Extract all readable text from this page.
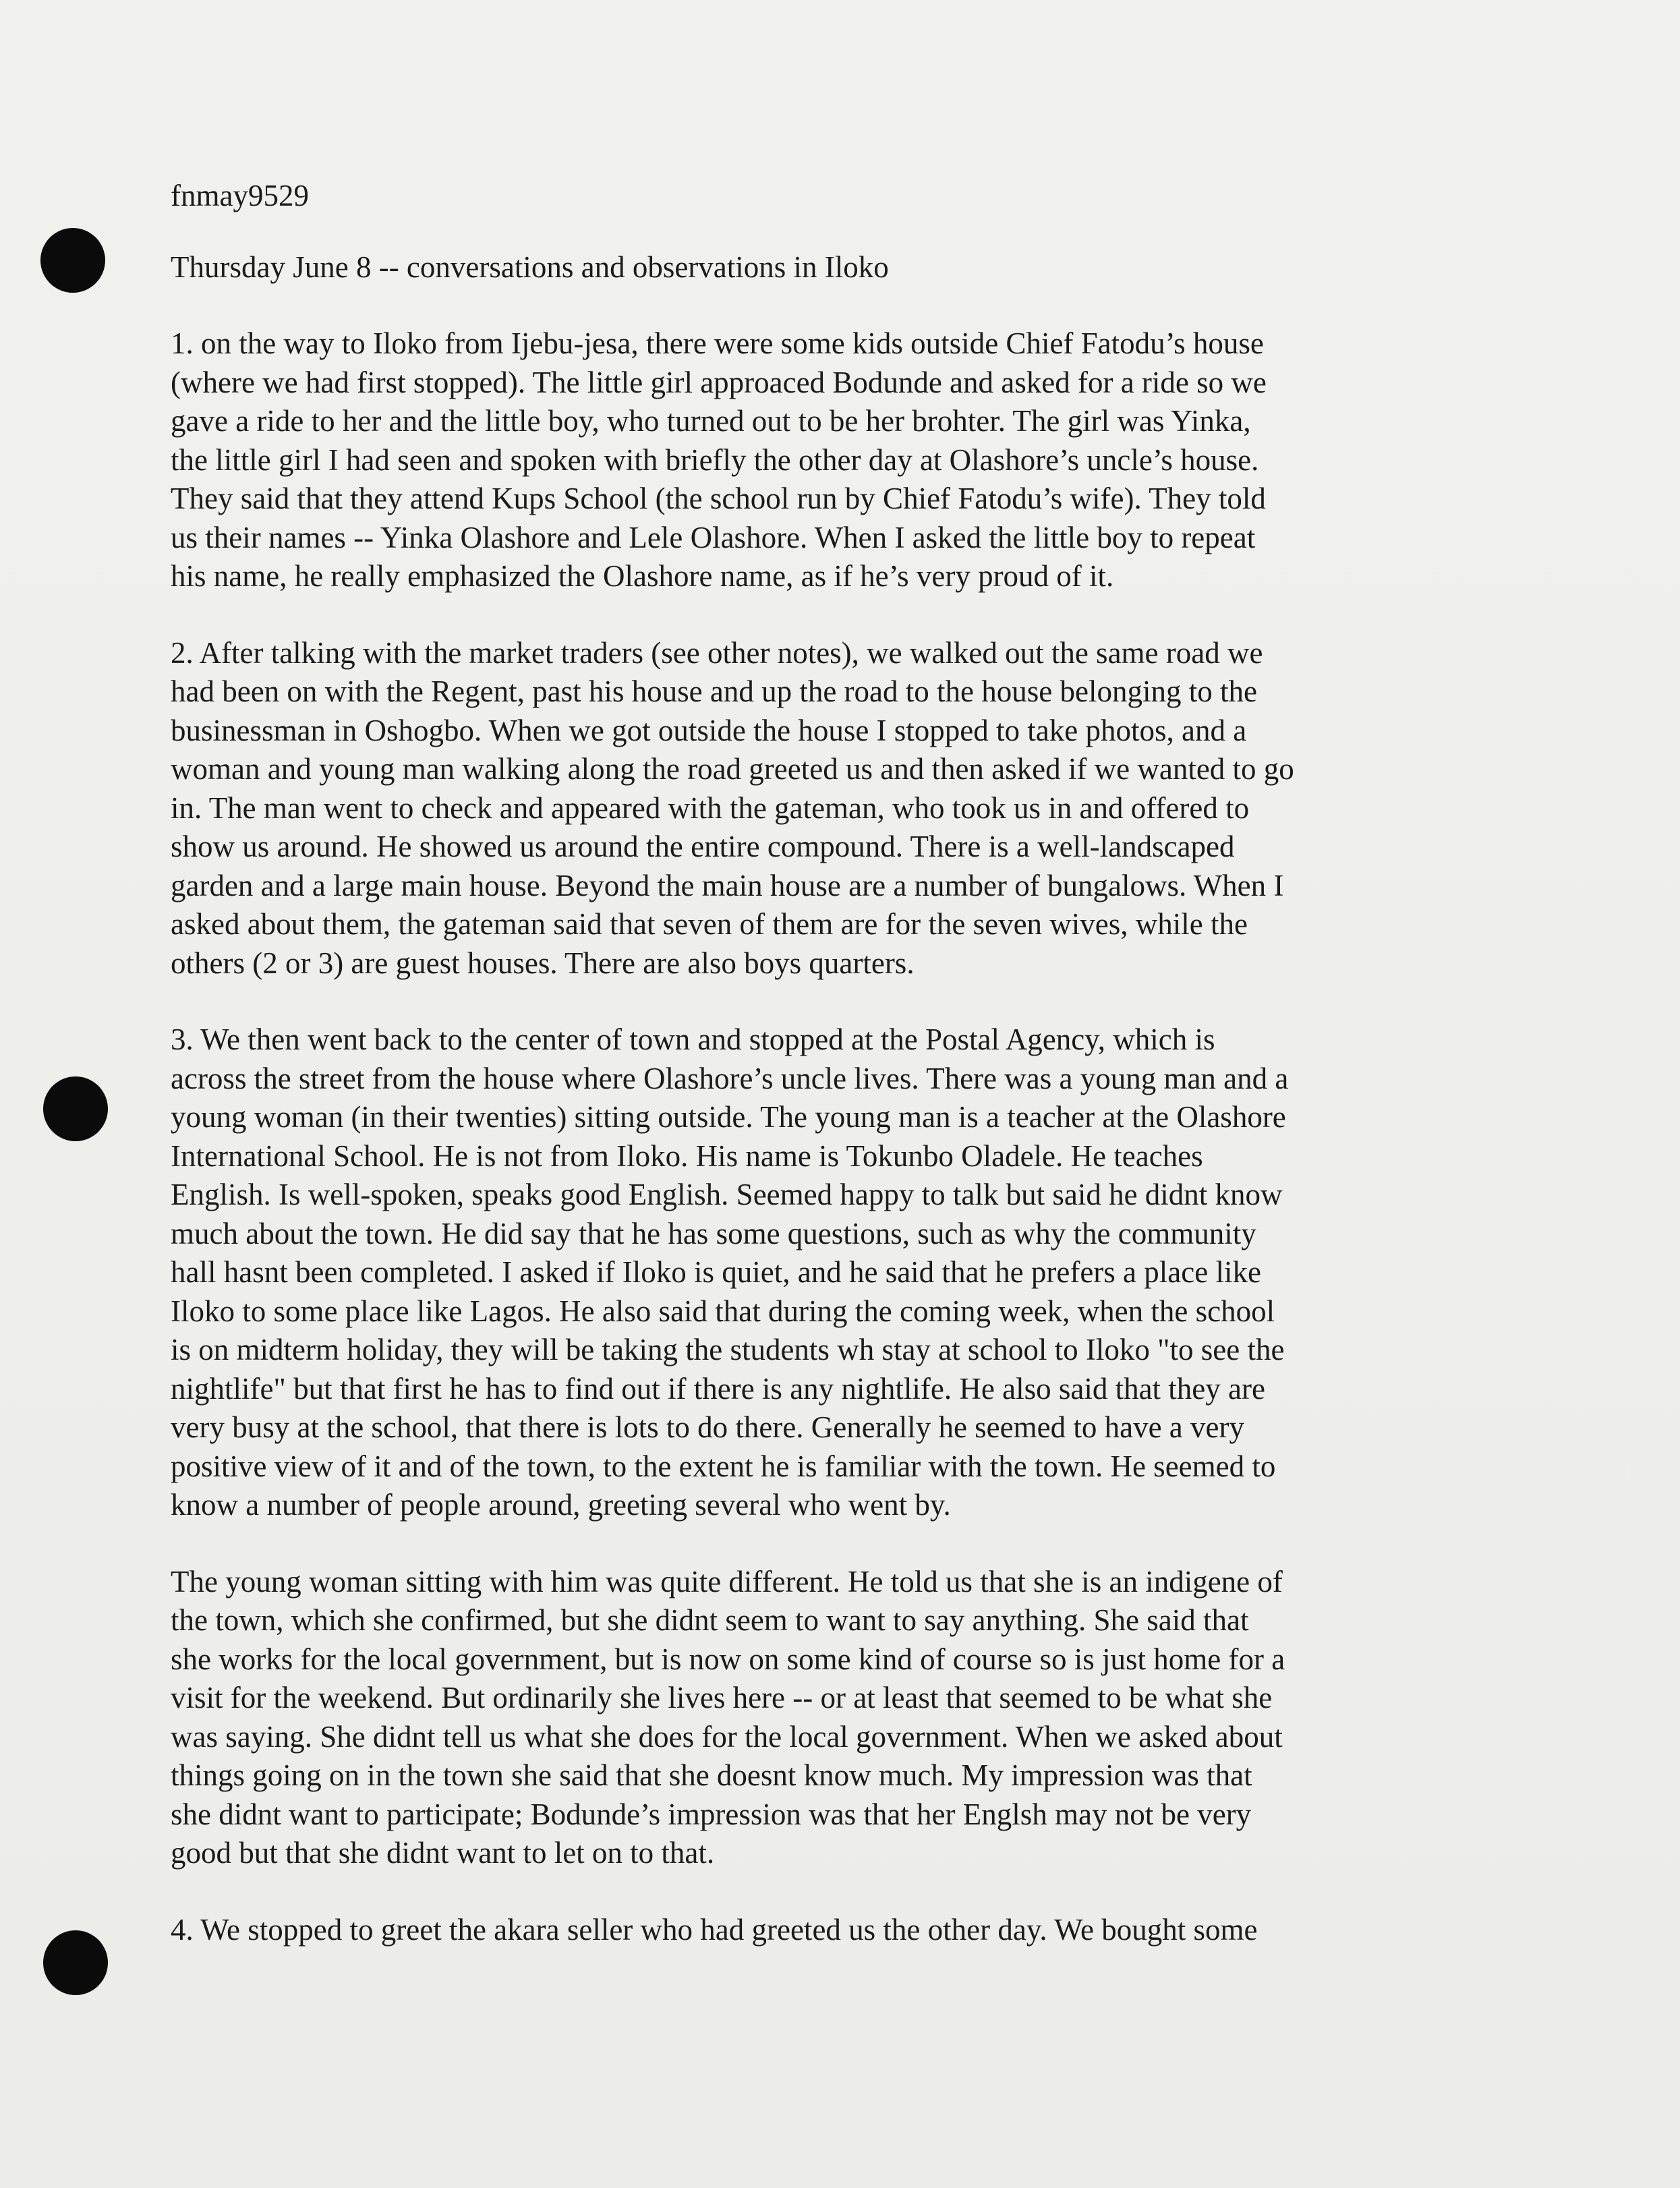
fnmay9529

Thursday June 8 -- conversations and observations in Iloko

1. on the way to Iloko from Ijebu-jesa, there were some kids outside Chief Fatodu’s house
(where we had first stopped). The little girl approaced Bodunde and asked for a ride so we
gave a ride to her and the little boy, who turned out to be her brohter. The girl was Yinka,
the little girl I had seen and spoken with briefly the other day at Olashore’s uncle’s house.
They said that they attend Kups School (the school run by Chief Fatodu’s wife). They told
us their names -- Yinka Olashore and Lele Olashore. When I asked the little boy to repeat
his name, he really emphasized the Olashore name, as if he’s very proud of it.
2. After talking with the market traders (see other notes), we walked out the same road we
had been on with the Regent, past his house and up the road to the house belonging to the
businessman in Oshogbo. When we got outside the house I stopped to take photos, and a
woman and young man walking along the road greeted us and then asked if we wanted to go
in. The man went to check and appeared with the gateman, who took us in and offered to
show us around. He showed us around the entire compound. There is a well-landscaped
garden and a large main house. Beyond the main house are a number of bungalows. When I
asked about them, the gateman said that seven of them are for the seven wives, while the
others (2 or 3) are guest houses. There are also boys quarters.
3. We then went back to the center of town and stopped at the Postal Agency, which is
across the street from the house where Olashore’s uncle lives. There was a young man and a
young woman (in their twenties) sitting outside. The young man is a teacher at the Olashore
International School. He is not from Iloko. His name is Tokunbo Oladele. He teaches
English. Is well-spoken, speaks good English. Seemed happy to talk but said he didnt know
much about the town. He did say that he has some questions, such as why the community
hall hasnt been completed. I asked if Iloko is quiet, and he said that he prefers a place like
Iloko to some place like Lagos. He also said that during the coming week, when the school
is on midterm holiday, they will be taking the students wh stay at school to Iloko "to see the
nightlife" but that first he has to find out if there is any nightlife. He also said that they are
very busy at the school, that there is lots to do there. Generally he seemed to have a very
positive view of it and of the town, to the extent he is familiar with the town. He seemed to
know a number of people around, greeting several who went by.
The young woman sitting with him was quite different. He told us that she is an indigene of
the town, which she confirmed, but she didnt seem to want to say anything. She said that
she works for the local government, but is now on some kind of course so is just home for a
visit for the weekend. But ordinarily she lives here -- or at least that seemed to be what she
was saying. She didnt tell us what she does for the local government. When we asked about
things going on in the town she said that she doesnt know much. My impression was that
she didnt want to participate; Bodunde’s impression was that her Englsh may not be very
good but that she didnt want to let on to that.
4. We stopped to greet the akara seller who had greeted us the other day. We bought some
